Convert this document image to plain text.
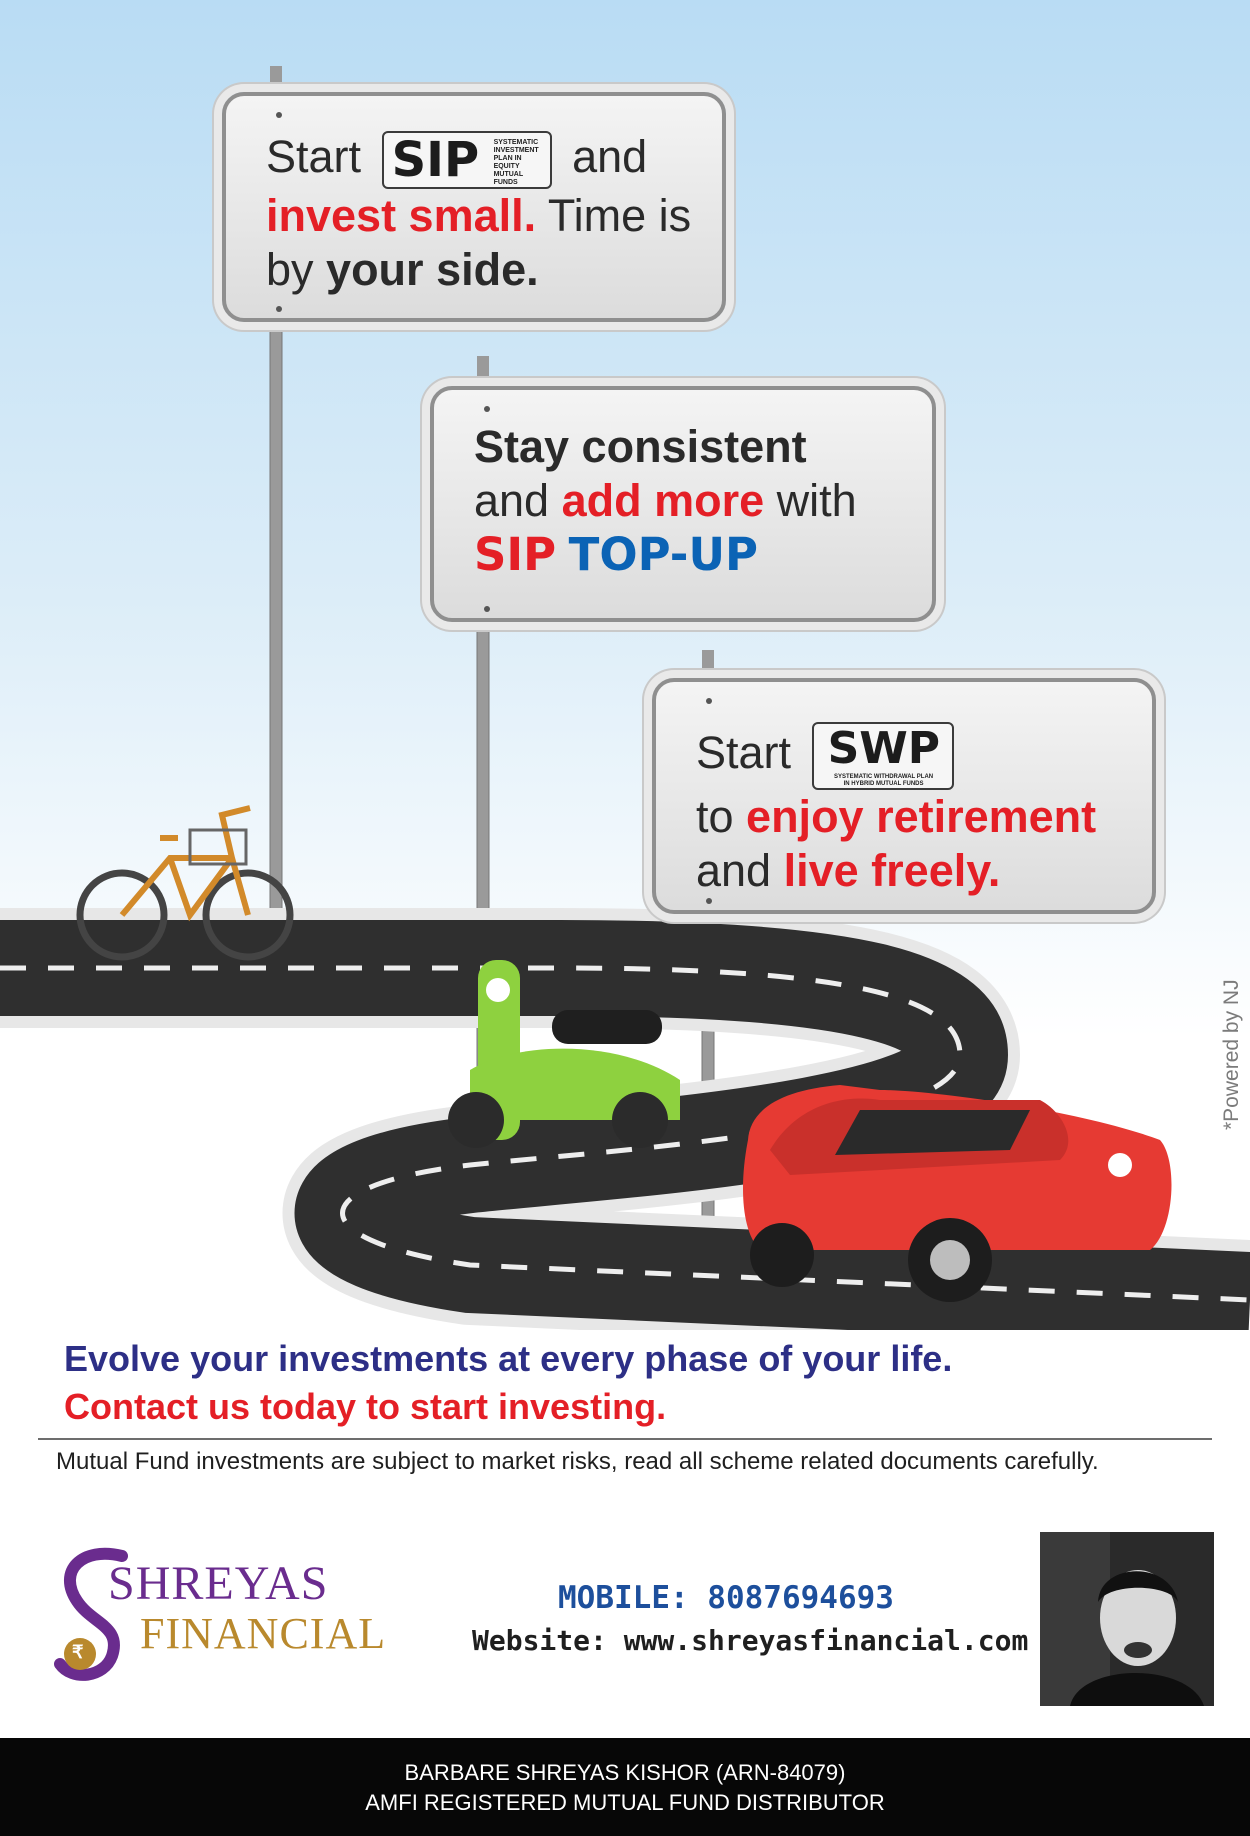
Start SIP SYSTEMATIC
INVESTMENT
PLAN IN
EQUITY
MUTUAL
FUNDS
and
invest small. Time is
by your side.
Stay consistent
and add more with
SIP TOP-UP
Start SWP
SYSTEMATIC WITHDRAWAL PLAN
IN HYBRID MUTUAL FUNDS

to enjoy retirement
and live freely.
*Powered by NJ
Evolve your investments at every phase of your life.
Contact us today to start investing.
Mutual Fund investments are subject to market risks, read all scheme related documents carefully.
₹
SHREYAS
FINANCIAL
MOBILE: 8087694693
Website: www.shreyasfinancial.com
BARBARE SHREYAS KISHOR (ARN-84079)
AMFI REGISTERED MUTUAL FUND DISTRIBUTOR
